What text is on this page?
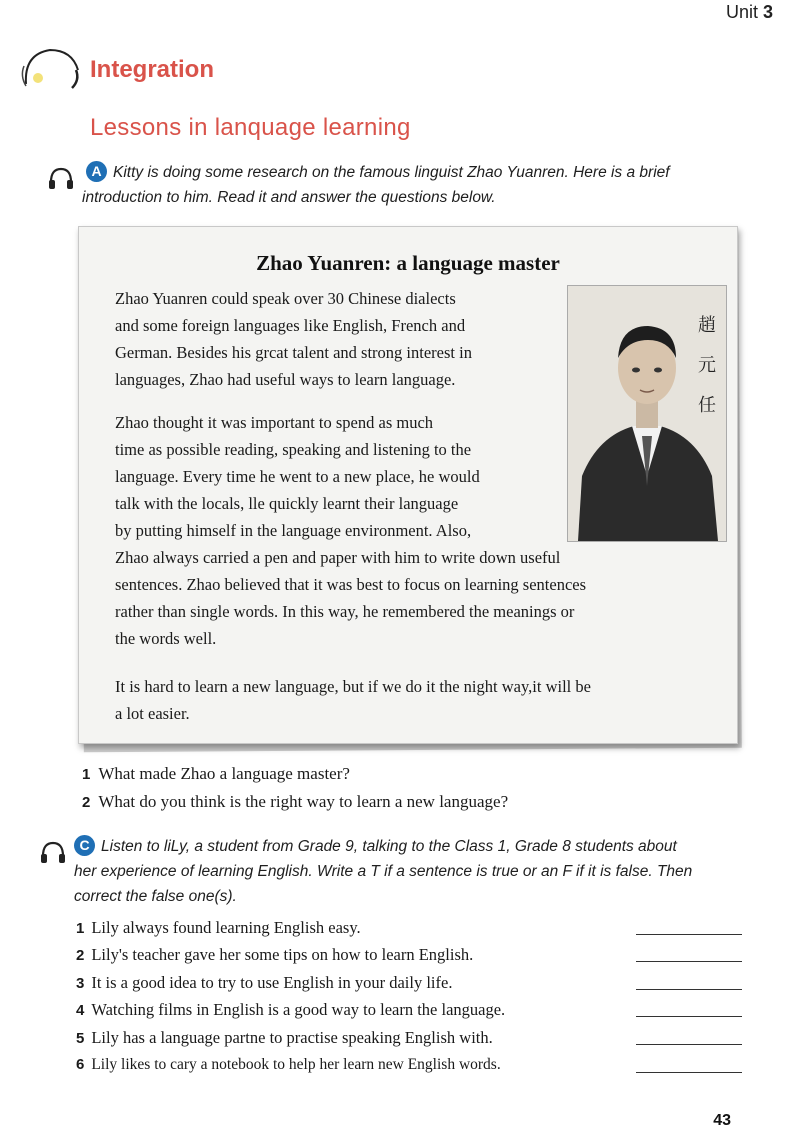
Unit 3
Integration
Lessons in lanquage learning
A Kitty is doing some research on the famous linguist Zhao Yuanren. Here is a brief
introduction to him. Read it and answer the questions below.
Zhao Yuanren: a language master
趙 元 任

Zhao Yuanren could speak over 30 Chinese dialects
and some foreign languages like English, French and
German. Besides his grcat talent and strong interest in
languages, Zhao had useful ways to learn language.

Zhao thought it was important to spend as much
time as possible reading, speaking and listening to the
language. Every time he went to a new place, he would
talk with the locals, lle quickly learnt their language
by putting himself in the language environment. Also,
Zhao always carried a pen and paper with him to write down useful
sentences. Zhao believed that it was best to focus on learning sentences
rather than single words. In this way, he remembered the meanings or
the words well.

It is hard to learn a new language, but if we do it the night way,it will be
a lot easier.

1 What made Zhao a language master?
2 What do you think is the right way to learn a new language?
C Listen to liLy, a student from Grade 9, talking to the Class 1, Grade 8 students about
her experience of learning English. Write a T if a sentence is true or an F if it is false. Then
correct the false one(s).
1 Lily always found learning English easy.
2 Lily's teacher gave her some tips on how to learn English.
3 It is a good idea to try to use English in your daily life.
4 Watching films in English is a good way to learn the language.
5 Lily has a language partne to practise speaking English with.
6 Lily likes to cary a notebook to help her learn new English words.
43
